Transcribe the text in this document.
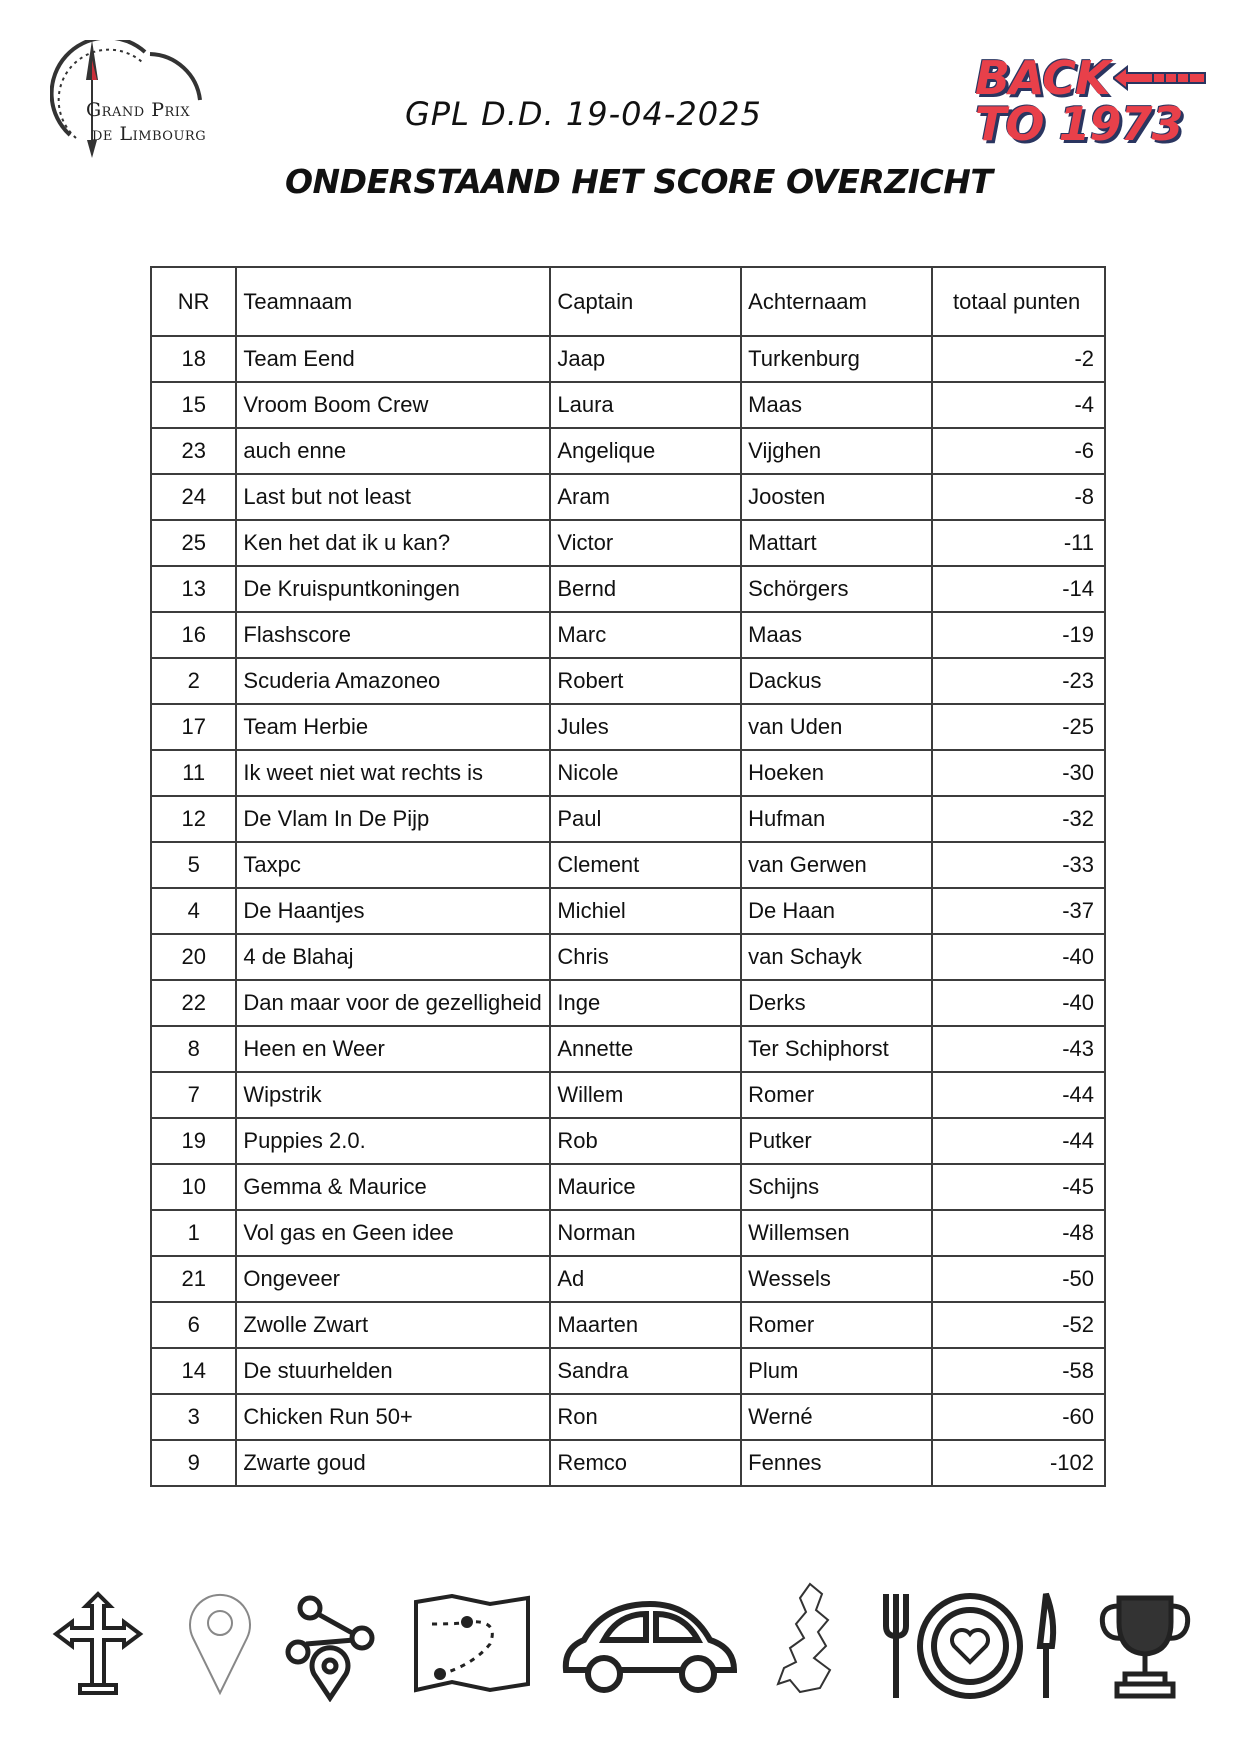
Grand Prix
de Limbourg
GPL D.D. 19-04-2025
ONDERSTAAND HET SCORE OVERZICHT
BACK
TO 1973
NR	Teamnaam	Captain	Achternaam	totaal punten
18	Team Eend	Jaap	Turkenburg	-2
15	Vroom Boom Crew	Laura	Maas	-4
23	auch enne	Angelique	Vijghen	-6
24	Last but not least	Aram	Joosten	-8
25	Ken het dat ik u kan?	Victor	Mattart	-11
13	De Kruispuntkoningen	Bernd	Schörgers	-14
16	Flashscore	Marc	Maas	-19
2	Scuderia Amazoneo	Robert	Dackus	-23
17	Team Herbie	Jules	van Uden	-25
11	Ik weet niet wat rechts is	Nicole	Hoeken	-30
12	De Vlam In De Pijp	Paul	Hufman	-32
5	Taxpc	Clement	van Gerwen	-33
4	De Haantjes	Michiel	De Haan	-37
20	4 de Blahaj	Chris	van Schayk	-40
22	Dan maar voor de gezelligheid	Inge	Derks	-40
8	Heen en Weer	Annette	Ter Schiphorst	-43
7	Wipstrik	Willem	Romer	-44
19	Puppies 2.0.	Rob	Putker	-44
10	Gemma & Maurice	Maurice	Schijns	-45
1	Vol gas en Geen idee	Norman	Willemsen	-48
21	Ongeveer	Ad	Wessels	-50
6	Zwolle Zwart	Maarten	Romer	-52
14	De stuurhelden	Sandra	Plum	-58
3	Chicken Run 50+	Ron	Werné	-60
9	Zwarte goud	Remco	Fennes	-102
